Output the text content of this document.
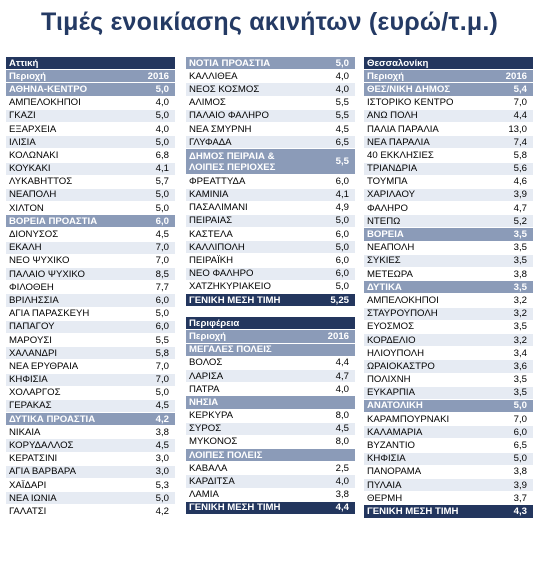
Τιμές ενοικίασης ακινήτων (ευρώ/τ.μ.)
Αττική
Περιοχή	2016
ΑΘΗΝΑ-ΚΕΝΤΡΟ	5,0
ΑΜΠΕΛΟΚΗΠΟΙ	4,0
ΓΚΑΖΙ	5,0
ΕΞΑΡΧΕΙΑ	4,0
ΙΛΙΣΙΑ	5,0
ΚΟΛΩΝΑΚΙ	6,8
ΚΟΥΚΑΚΙ	4,1
ΛΥΚΑΒΗΤΤΟΣ	5,7
ΝΕΑΠΟΛΗ	5,0
ΧΙΛΤΟΝ	5,0
ΒΟΡΕΙΑ ΠΡΟΑΣΤΙΑ	6,0
ΔΙΟΝΥΣΟΣ	4,5
ΕΚΑΛΗ	7,0
ΝΕΟ ΨΥΧΙΚΟ	7,0
ΠΑΛΑΙΟ ΨΥΧΙΚΟ	8,5
ΦΙΛΟΘΕΗ	7,7
ΒΡΙΛΗΣΣΙΑ	6,0
ΑΓΙΑ ΠΑΡΑΣΚΕΥΗ	5,0
ΠΑΠΑΓΟΥ	6,0
ΜΑΡΟΥΣΙ	5,5
ΧΑΛΑΝΔΡΙ	5,8
ΝΕΑ ΕΡΥΘΡΑΙΑ	7,0
ΚΗΦΙΣΙΑ	7,0
ΧΟΛΑΡΓΟΣ	5,0
ΓΕΡΑΚΑΣ	4,5
ΔΥΤΙΚΑ ΠΡΟΑΣΤΙΑ	4,2
ΝΙΚΑΙΑ	3,8
ΚΟΡΥΔΑΛΛΟΣ	4,5
ΚΕΡΑΤΣΙΝΙ	3,0
ΑΓΙΑ ΒΑΡΒΑΡΑ	3,0
ΧΑΪΔΑΡΙ	5,3
ΝΕΑ ΙΩΝΙΑ	5,0
ΓΑΛΑΤΣΙ	4,2
ΝΟΤΙΑ ΠΡΟΑΣΤΙΑ	5,0
ΚΑΛΛΙΘΕΑ	4,0
ΝΕΟΣ ΚΟΣΜΟΣ	4,0
ΑΛΙΜΟΣ	5,5
ΠΑΛΑΙΟ ΦΑΛΗΡΟ	5,5
ΝΕΑ ΣΜΥΡΝΗ	4,5
ΓΛΥΦΑΔΑ	6,5
ΔΗΜΟΣ ΠΕΙΡΑΙΑ & ΛΟΙΠΕΣ ΠΕΡΙΟΧΕΣ	5,5
ΦΡΕΑΤΤΥΔΑ	6,0
ΚΑΜΙΝΙΑ	4,1
ΠΑΣΑΛΙΜΑΝΙ	4,9
ΠΕΙΡΑΙΑΣ	5,0
ΚΑΣΤΕΛΑ	6,0
ΚΑΛΛΙΠΟΛΗ	5,0
ΠΕΙΡΑΪΚΗ	6,0
ΝΕΟ ΦΑΛΗΡΟ	6,0
ΧΑΤΖΗΚΥΡΙΑΚΕΙΟ	5,0
ΓΕΝΙΚΗ ΜΕΣΗ ΤΙΜΗ	5,25
Περιφέρεια
Περιοχή	2016
ΜΕΓΑΛΕΣ ΠΟΛΕΙΣ
ΒΟΛΟΣ	4,4
ΛΑΡΙΣΑ	4,7
ΠΑΤΡΑ	4,0
ΝΗΣΙΑ
ΚΕΡΚΥΡΑ	8,0
ΣΥΡΟΣ	4,5
ΜΥΚΟΝΟΣ	8,0
ΛΟΙΠΕΣ ΠΟΛΕΙΣ
ΚΑΒΑΛΑ	2,5
ΚΑΡΔΙΤΣΑ	4,0
ΛΑΜΙΑ	3,8
ΓΕΝΙΚΗ ΜΕΣΗ ΤΙΜΗ	4,4
Θεσσαλονίκη
Περιοχή	2016
ΘΕΣ/ΝΙΚΗ ΔΗΜΟΣ	5,4
ΙΣΤΟΡΙΚΟ ΚΕΝΤΡΟ	7,0
ΑΝΩ ΠΟΛΗ	4,4
ΠΑΛΙΑ ΠΑΡΑΛΙΑ	13,0
ΝΕΑ ΠΑΡΑΛΙΑ	7,4
40 ΕΚΚΛΗΣΙΕΣ	5,8
ΤΡΙΑΝΔΡΙΑ	5,6
ΤΟΥΜΠΑ	4,6
ΧΑΡΙΛΑΟΥ	3,9
ΦΑΛΗΡΟ	4,7
ΝΤΕΠΩ	5,2
ΒΟΡΕΙΑ	3,5
ΝΕΑΠΟΛΗ	3,5
ΣΥΚΙΕΣ	3,5
ΜΕΤΕΩΡΑ	3,8
ΔΥΤΙΚΑ	3,5
ΑΜΠΕΛΟΚΗΠΟΙ	3,2
ΣΤΑΥΡΟΥΠΟΛΗ	3,2
ΕΥΟΣΜΟΣ	3,5
ΚΟΡΔΕΛΙΟ	3,2
ΗΛΙΟΥΠΟΛΗ	3,4
ΩΡΑΙΟΚΑΣΤΡΟ	3,6
ΠΟΛΙΧΝΗ	3,5
ΕΥΚΑΡΠΙΑ	3,5
ΑΝΑΤΟΛΙΚΗ	5,0
ΚΑΡΑΜΠΟΥΡΝΑΚΙ	7,0
ΚΑΛΑΜΑΡΙΑ	6,0
ΒΥΖΑΝΤΙΟ	6,5
ΚΗΦΙΣΙΑ	5,0
ΠΑΝΟΡΑΜΑ	3,8
ΠΥΛΑΙΑ	3,9
ΘΕΡΜΗ	3,7
ΓΕΝΙΚΗ ΜΕΣΗ ΤΙΜΗ	4,3
